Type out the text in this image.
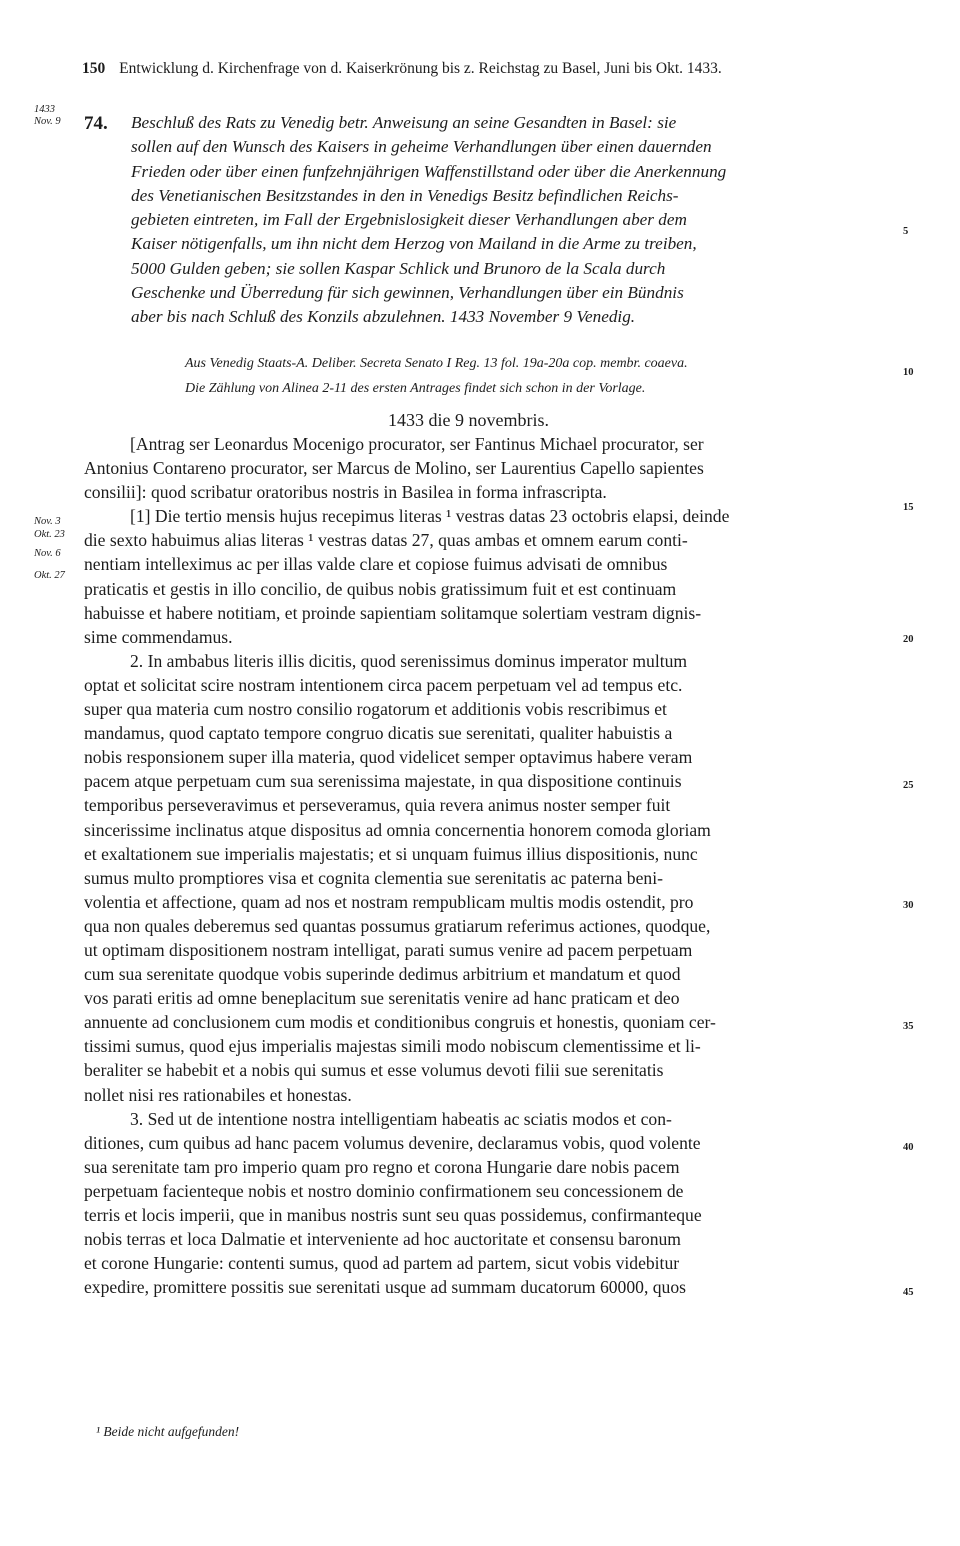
150 Entwicklung d. Kirchenfrage von d. Kaiserkrönung bis z. Reichstag zu Basel, Juni bis Okt. 1433.
1433
Nov. 9	74. Beschluß des Rats zu Venedig betr. Anweisung an seine Gesandten in Basel: sie
sollen auf den Wunsch des Kaisers in geheime Verhandlungen über einen dauernden
Frieden oder über einen funfzehnjährigen Waffenstillstand oder über die Anerkennung
des Venetianischen Besitzstandes in den in Venedigs Besitz befindlichen Reichs-
gebieten eintreten, im Fall der Ergebnislosigkeit dieser Verhandlungen aber dem
Kaiser nötigenfalls, um ihn nicht dem Herzog von Mailand in die Arme zu treiben,
5000 Gulden geben; sie sollen Kaspar Schlick und Brunoro de la Scala durch
Geschenke und Überredung für sich gewinnen, Verhandlungen über ein Bündnis
aber bis nach Schluß des Konzils abzulehnen. 1433 November 9 Venedig.
Aus Venedig Staats-A. Deliber. Secreta Senato I Reg. 13 fol. 19a-20a cop. membr. coaeva.
Die Zählung von Alinea 2-11 des ersten Antrages findet sich schon in der Vorlage.
1433 die 9 novembris.
[Antrag ser Leonardus Mocenigo procurator, ser Fantinus Michael procurator, ser
Antonius Contareno procurator, ser Marcus de Molino, ser Laurentius Capello sapientes
consilii]: quod scribatur oratoribus nostris in Basilea in forma infrascripta.
[1] Die tertio mensis hujus recepimus literas ¹ vestras datas 23 octobris elapsi, deinde
die sexto habuimus alias literas ¹ vestras datas 27, quas ambas et omnem earum conti-
nentiam intelleximus ac per illas valde clare et copiose fuimus advisati de omnibus
praticatis et gestis in illo concilio, de quibus nobis gratissimum fuit et est continuam
habuisse et habere notitiam, et proinde sapientiam solitamque solertiam vestram dignis-
sime commendamus.
2. In ambabus literis illis dicitis, quod serenissimus dominus imperator multum
optat et solicitat scire nostram intentionem circa pacem perpetuam vel ad tempus etc.
super qua materia cum nostro consilio rogatorum et additionis vobis rescribimus et
mandamus, quod captato tempore congruo dicatis sue serenitati, qualiter habuistis a
nobis responsionem super illa materia, quod videlicet semper optavimus habere veram
pacem atque perpetuam cum sua serenissima majestate, in qua dispositione continuis
temporibus perseveravimus et perseveramus, quia revera animus noster semper fuit
sincerissime inclinatus atque dispositus ad omnia concernentia honorem comoda gloriam
et exaltationem sue imperialis majestatis; et si unquam fuimus illius dispositionis, nunc
sumus multo promptiores visa et cognita clementia sue serenitatis ac paterna beni-
volentia et affectione, quam ad nos et nostram rempublicam multis modis ostendit, pro
qua non quales deberemus sed quantas possumus gratiarum referimus actiones, quodque,
ut optimam dispositionem nostram intelligat, parati sumus venire ad pacem perpetuam
cum sua serenitate quodque vobis superinde dedimus arbitrium et mandatum et quod
vos parati eritis ad omne beneplacitum sue serenitatis venire ad hanc praticam et deo
annuente ad conclusionem cum modis et conditionibus congruis et honestis, quoniam cer-
tissimi sumus, quod ejus imperialis majestas simili modo nobiscum clementissime et li-
beraliter se habebit et a nobis qui sumus et esse volumus devoti filii sue serenitatis
nollet nisi res rationabiles et honestas.
3. Sed ut de intentione nostra intelligentiam habeatis ac sciatis modos et con-
ditiones, cum quibus ad hanc pacem volumus devenire, declaramus vobis, quod volente
sua serenitate tam pro imperio quam pro regno et corona Hungarie dare nobis pacem
perpetuam facienteque nobis et nostro dominio confirmationem seu concessionem de
terris et locis imperii, que in manibus nostris sunt seu quas possidemus, confirmanteque
nobis terras et loca Dalmatie et interveniente ad hoc auctoritate et consensu baronum
et corone Hungarie: contenti sumus, quod ad partem ad partem, sicut vobis videbitur
expedire, promittere possitis sue serenitati usque ad summam ducatorum 60000, quos
Nov. 3
Okt. 23
Nov. 6
Okt. 27
5
10
15
20
25
30
35
40
45
¹ Beide nicht aufgefunden!
